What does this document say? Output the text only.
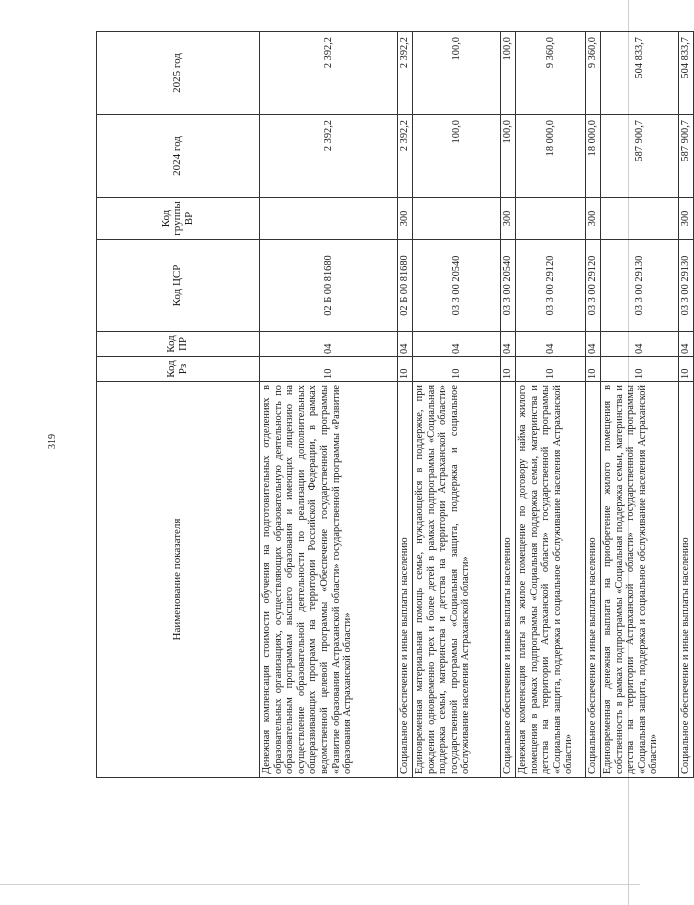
319
Наименование показателя	Код Рз	Код ПР	Код ЦСР	Код группы ВР	2024 год	2025 год
Денежная компенсация стоимости обучения на подготовительных отделениях в образовательных организациях, осуществляющих образовательную деятельность по образовательным программам высшего образования и имеющих лицензию на осуществление образовательной деятельности по реализации дополнительных общеразвивающих программ на территории Российской Федерации, в рамках ведомственной целевой программы «Обеспечение государственной программы «Развитие образования Астраханской области» государственной программы «Развитие образования Астраханской области»	10	04	02 Б 00 81680		2 392,2	2 392,2
Социальное обеспечение и иные выплаты населению	10	04	02 Б 00 81680	300	2 392,2	2 392,2
Единовременная материальная помощь семье, нуждающейся в поддержке, при рождении одновременно трех и более детей в рамках подпрограммы «Социальная поддержка семьи, материнства и детства на территории Астраханской области» государственной программы «Социальная защита, поддержка и социальное обслуживание населения Астраханской области»	10	04	03 3 00 20540		100,0	100,0
Социальное обеспечение и иные выплаты населению	10	04	03 3 00 20540	300	100,0	100,0
Денежная компенсация платы за жилое помещение по договору найма жилого помещения в рамках подпрограммы «Социальная поддержка семьи, материнства и детства на территории Астраханской области» государственной программы «Социальная защита, поддержка и социальное обслуживание населения Астраханской области»	10	04	03 3 00 29120		18 000,0	9 360,0
Социальное обеспечение и иные выплаты населению	10	04	03 3 00 29120	300	18 000,0	9 360,0
Единовременная денежная выплата на приобретение жилого помещения в собственность в рамках подпрограммы «Социальная поддержка семьи, материнства и детства на территории Астраханской области» государственной программы «Социальная защита, поддержка и социальное обслуживание населения Астраханской области»	10	04	03 3 00 29130		587 900,7	504 833,7
Социальное обеспечение и иные выплаты населению	10	04	03 3 00 29130	300	587 900,7	504 833,7
